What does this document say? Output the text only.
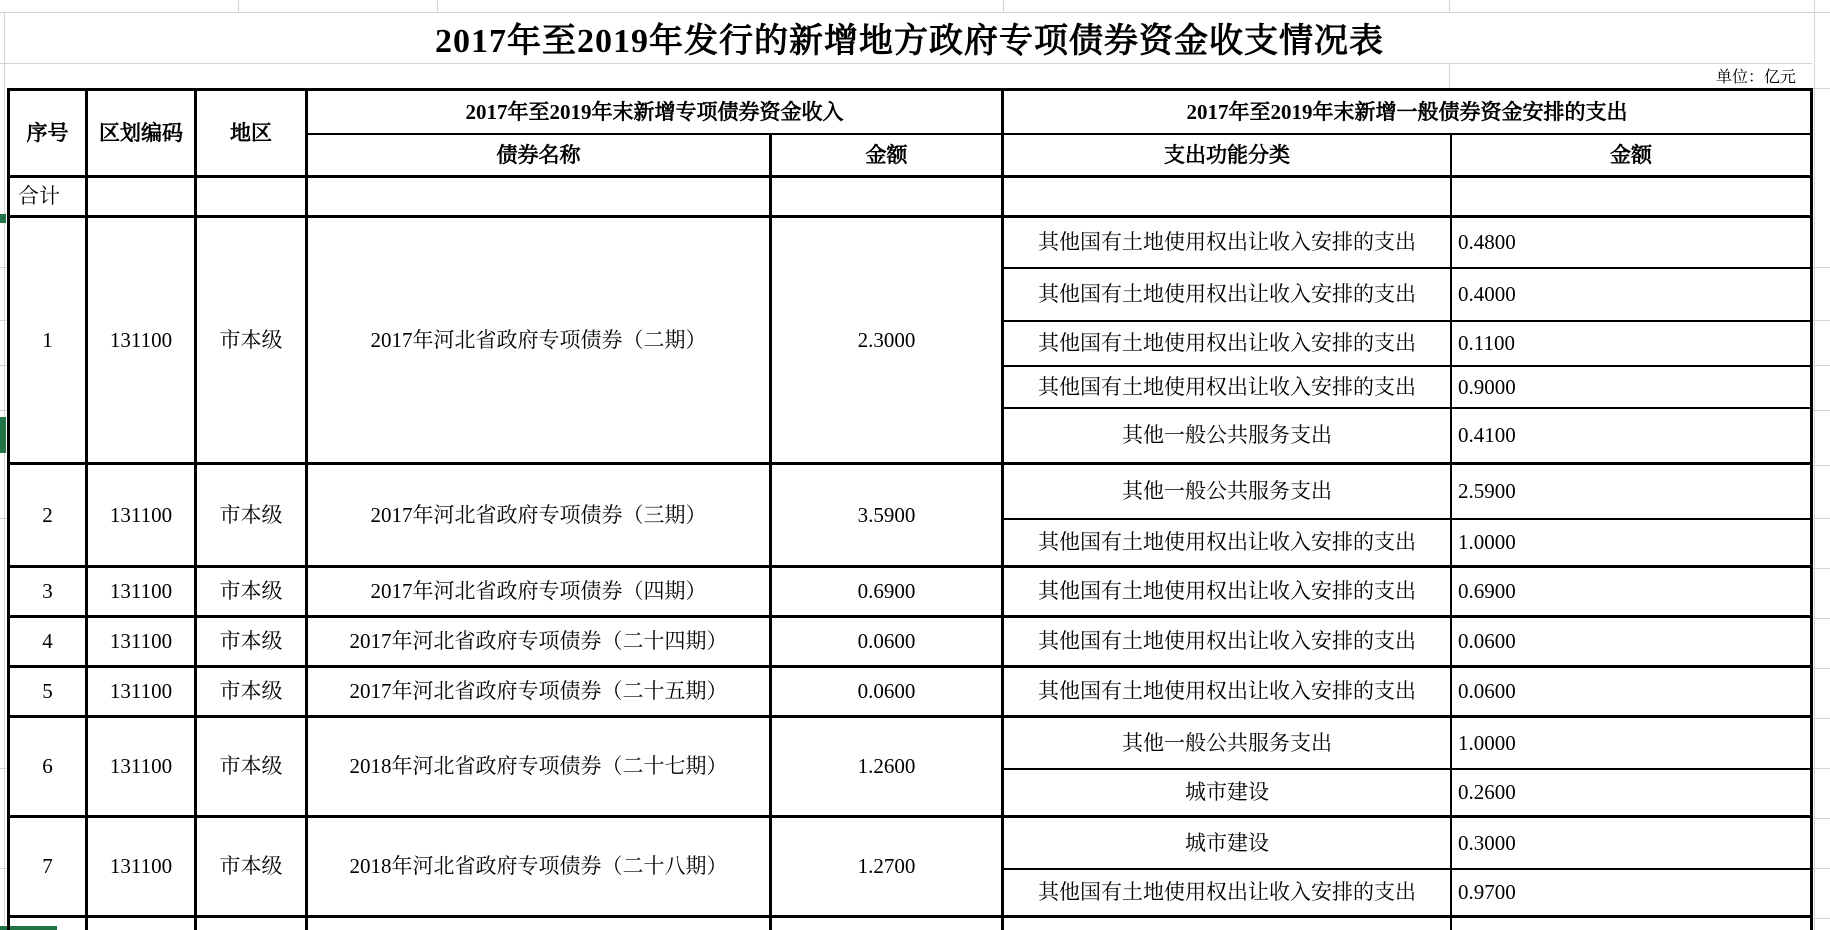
2017年至2019年发行的新增地方政府专项债券资金收支情况表
单位：亿元
序号	区划编码	地区
2017年至2019年末新增专项债券资金收入	2017年至2019年末新增一般债券资金安排的支出
债券名称	金额	支出功能分类	金额
合计
1	131100	市本级	2017年河北省政府专项债券（二期）	2.3000
其他国有土地使用权出让收入安排的支出	0.4800
其他国有土地使用权出让收入安排的支出	0.4000
其他国有土地使用权出让收入安排的支出	0.1100
其他国有土地使用权出让收入安排的支出	0.9000
其他一般公共服务支出	0.4100
2	131100	市本级	2017年河北省政府专项债券（三期）	3.5900
其他一般公共服务支出	2.5900
其他国有土地使用权出让收入安排的支出	1.0000
3	131100	市本级	2017年河北省政府专项债券（四期）	0.6900	其他国有土地使用权出让收入安排的支出	0.6900
4	131100	市本级	2017年河北省政府专项债券（二十四期）	0.0600	其他国有土地使用权出让收入安排的支出	0.0600
5	131100	市本级	2017年河北省政府专项债券（二十五期）	0.0600	其他国有土地使用权出让收入安排的支出	0.0600
6	131100	市本级	2018年河北省政府专项债券（二十七期）	1.2600
其他一般公共服务支出	1.0000
城市建设	0.2600
7	131100	市本级	2018年河北省政府专项债券（二十八期）	1.2700
城市建设	0.3000
其他国有土地使用权出让收入安排的支出	0.9700
